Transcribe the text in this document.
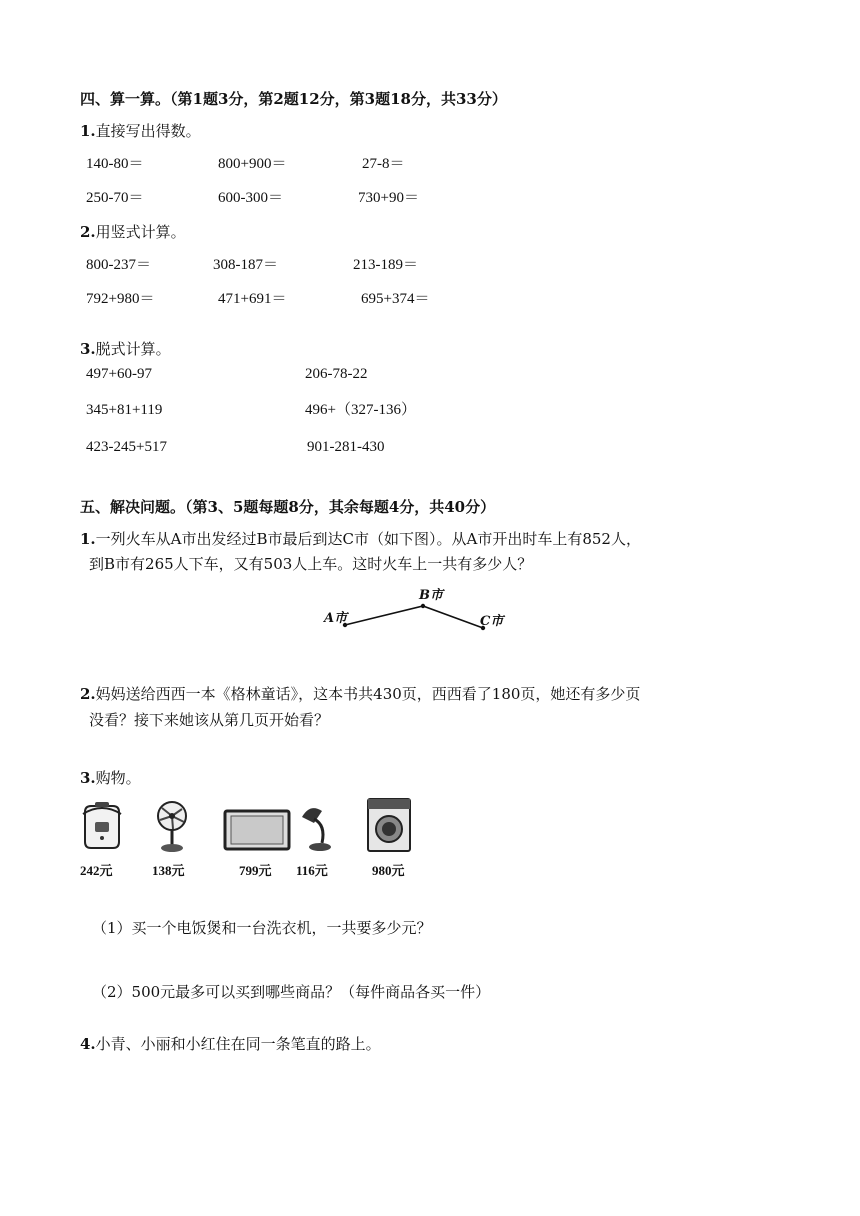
四、算一算。（第1题3分，第2题12分，第3题18分，共33分）
1.直接写出得数。
140-80＝	800+900＝	27-8＝
250-70＝	600-300＝	730+90＝
2.用竖式计算。
800-237＝	308-187＝	213-189＝
792+980＝	471+691＝	695+374＝
3.脱式计算。
497+60-97	206-78-22
345+81+119	496+（327-136）
423-245+517	901-281-430
五、解决问题。（第3、5题每题8分，其余每题4分，共40分）
1.一列火车从A市出发经过B市最后到达C市（如下图）。从A市开出时车上有852人，
到B市有265人下车，又有503人上车。这时火车上一共有多少人？
A市
B市
C市
2.妈妈送给西西一本《格林童话》，这本书共430页，西西看了180页，她还有多少页
没看？接下来她该从第几页开始看？
3.购物。
242元	138元	799元 116元	980元
（1）买一个电饭煲和一台洗衣机，一共要多少元？
（2）500元最多可以买到哪些商品？（每件商品各买一件）
4.小青、小丽和小红住在同一条笔直的路上。
